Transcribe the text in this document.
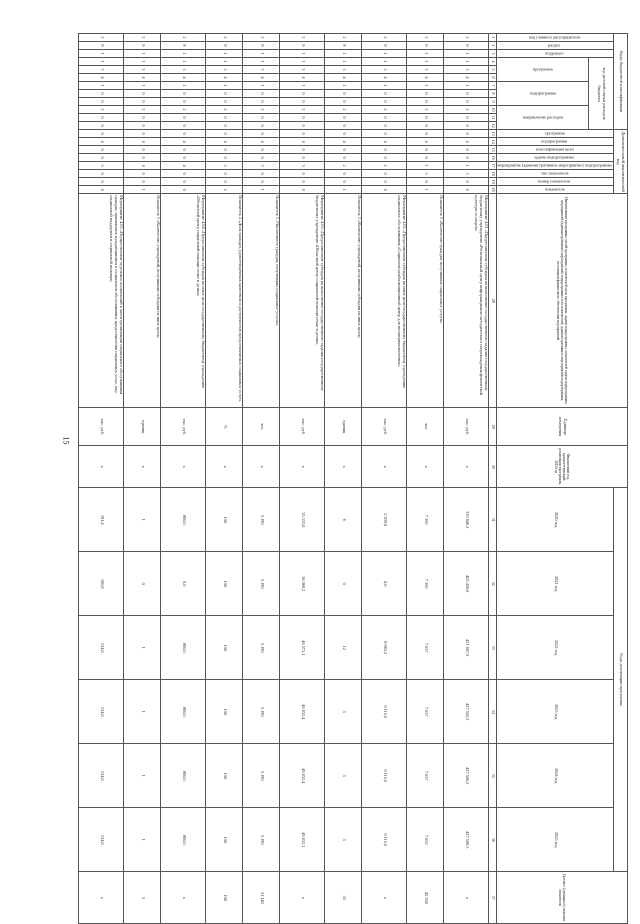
15
Коды бюджетной классификации												Дополнительный аналитический код								Наименование программы, целей программы, показателей цели программы, задачи подпрограммы, показателей задачи подпрограммы, мероприятий (административных мероприятий) подпрограммы и их показателей, административных мероприятий подпрограммы, источников финансового обеспечения мероприятий	Единица измерения	Финансовый год, предшествующий реализации программы, 2019 год	Годы реализации программы						Целевое (суммарное) значение показателя
код главного распорядителя	раздел	подраздел	код целевой статьи расходов бюджета									программа	подпрограмма	классификация цели	задача подпрограммы	мероприятие (административное мероприятие) подпрограммы	тип показателя	номер показателя	показатель				2020 год	2021 год	2022 год	2023 год	2024 год	2025 год	
			программа			подпрограмма			направление расходов																				
1	2	3	4	5	6	7	8	9	10	11	12	13	14	15	16	17	18	19	20	28	29	30	31	32	33	34	35	36	37
2	8	1	1	3	4	1	0	0	2	0	0	0	4	0	0	1	5	0	0	Мероприятие 4.01 «Предоставление субсидии на выполнение государственного задания государственному бюджетному учреждению «Региональный центр информационно-методического сопровождения физической культуры и спорта»	тыс. руб.	х	335 846,3	405 426,6	421 667,9	427 505,5	427 506,5	427 506,5	х
2	8	1	1	3	4	1	0	0	2	0	0	0	4	0	0	1	5	0	1	Показатель 1 «Количество граждан, получивших социальные услуги»	чел.	х	7 395	7 395	7 637	7 637	7 637	7 653	45 358
2	8	1	1	3	4	1	0	0	2	0	0	0	4	0	0	2	0	0	0	Мероприятие 4.02 «Предоставление субсидии на иные цели государственному бюджетному учреждению социального обслуживания «Социально-реабилитационный центр для несовершеннолетних»	тыс. руб.	х	2 939,0	0,0	8 965,2	9 115,0	9 115,0	9 115,0	х
2	8	1	1	3	4	1	0	0	2	0	0	0	4	0	0	2	0	0	1	Показатель 1 «Количество учреждений, получивших субсидии на иные цели»	единиц	х	6	0	12	5	5	5	33
2	8	1	1	3	4	1	0	0	2	0	0	0	4	0	0	3	0	0	0	Мероприятие 4.03 «Предоставление субсидии на выполнение государственного задания государственному бюджетному учреждению «Областной центр социальной помощи семье и детям»	тыс. руб.	х	35 533,0	36 069,2	46 571,1	46 832,4	49 832,4	49 832,1	х
2	8	1	1	3	4	1	0	0	2	0	0	0	4	0	0	3	0	0	1	Показатель 1 «Численность граждан, получивших социальные услуги»	чел.	х	5 190	5 190	5 190	5 190	5 190	5 190	31 140
2	8	1	1	3	4	1	0	0	2	0	0	0	4	0	0	3	0	0	2	Показатель 2 «Доля граждан, удовлетворённых качеством и доступностью предоставляемых социальных услуг»	%	х	100	100	100	100	100	100	100
2	8	1	1	3	4	1	0	0	2	0	0	0	4	0	0	4	0	0	0	Мероприятие 4.04 «Предоставление субсидии на иные цели государственному бюджетному учреждению «Областной центр социальной помощи семье и детям»	тыс. руб.	х	800,0	0,0	800,0	800,0	800,0	800,0	х
2	8	1	1	3	4	1	0	0	2	0	0	0	4	0	0	4	0	0	1	Показатель 1 «Количество учреждений, получивших субсидии на иные цели»	единиц	х	1	0	1	1	1	1	5
2	8	1	1	3	4	1	0	0	2	0	0	0	4	0	0	5	0	0	0	Мероприятие 4.05 «Осуществление отдельных полномочий в части организации социального обслуживания граждан, признанных нуждающимися в социальном обслуживании, предоставления социальных услуг, мер социальной поддержки и социальной помощи»	тыс. руб.	х	191,4	100,8	134,0	134,0	134,0	134,0	х
